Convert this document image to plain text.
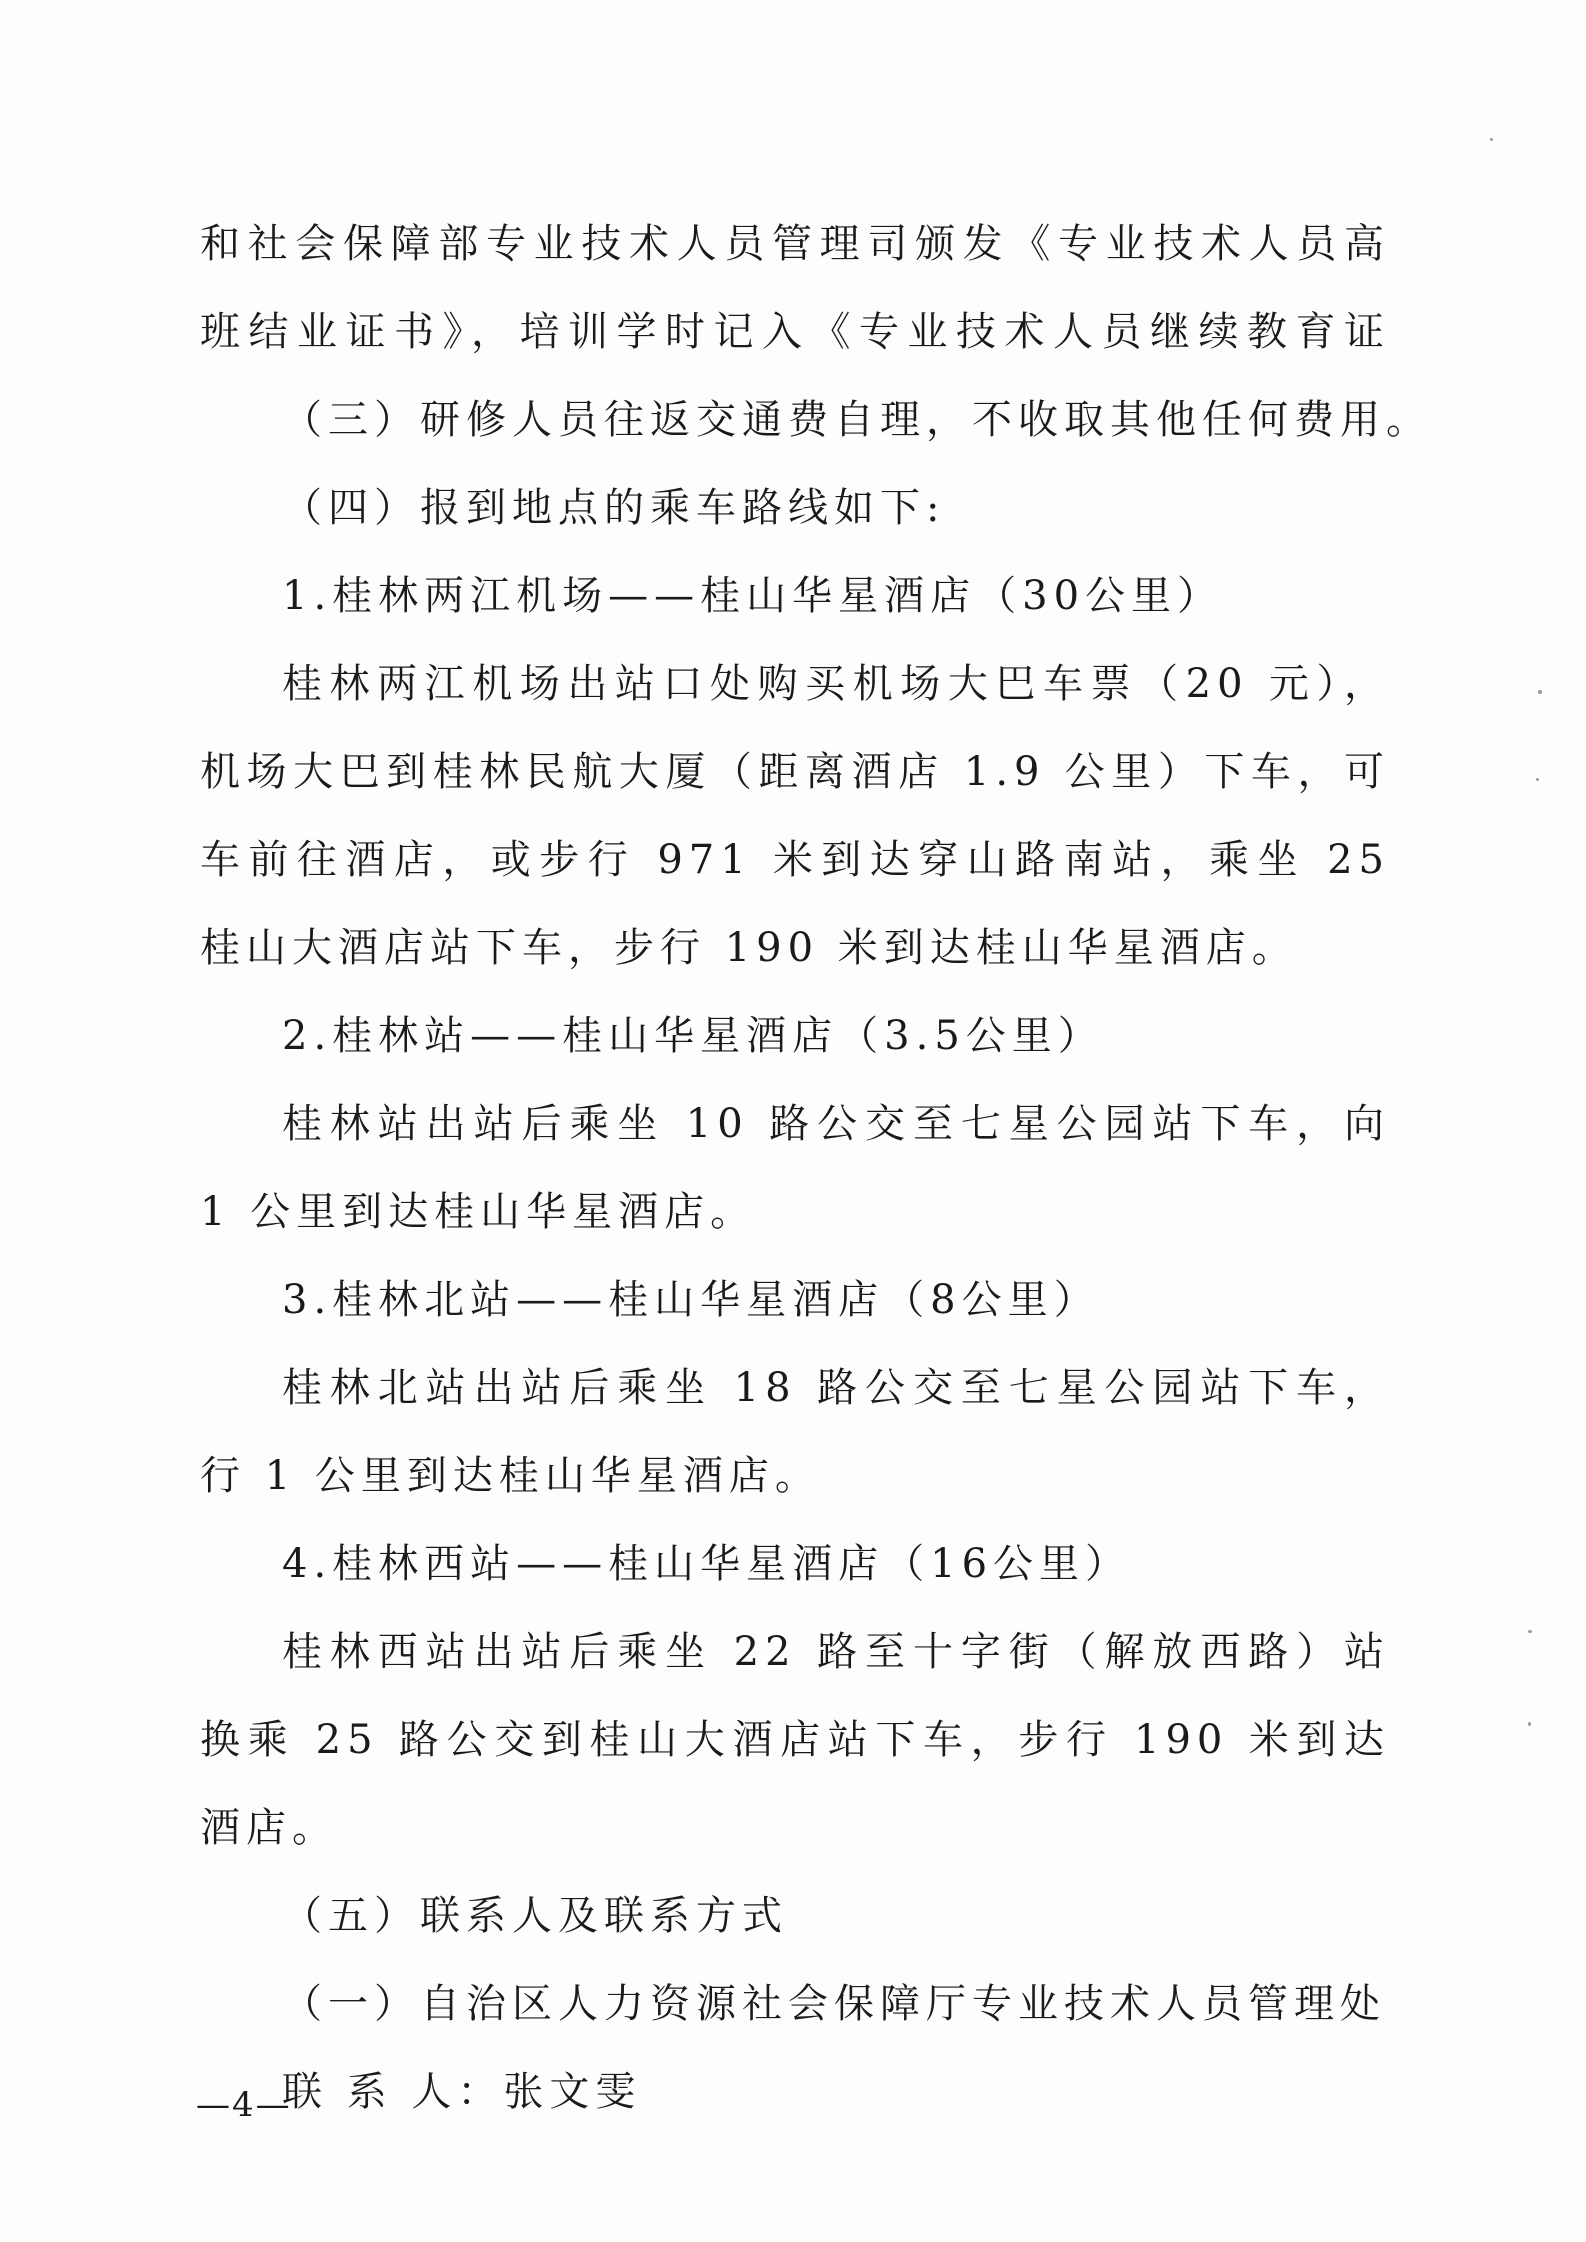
和社会保障部专业技术人员管理司颁发《专业技术人员高
班结业证书》，培训学时记入《专业技术人员继续教育证
（三）研修人员往返交通费自理，不收取其他任何费用。
（四）报到地点的乘车路线如下:
1.桂林两江机场——桂山华星酒店（30公里）
桂林两江机场出站口处购买机场大巴车票（20 元），
机场大巴到桂林民航大厦（距离酒店 1.9 公里）下车，可
车前往酒店，或步行 971 米到达穿山路南站，乘坐 25
桂山大酒店站下车，步行 190 米到达桂山华星酒店。
2.桂林站——桂山华星酒店（3.5公里）
桂林站出站后乘坐 10 路公交至七星公园站下车，向
1 公里到达桂山华星酒店。
3.桂林北站——桂山华星酒店（8公里）
桂林北站出站后乘坐 18 路公交至七星公园站下车，
行 1 公里到达桂山华星酒店。
4.桂林西站——桂山华星酒店（16公里）
桂林西站出站后乘坐 22 路至十字街（解放西路）站
换乘 25 路公交到桂山大酒店站下车，步行 190 米到达
酒店。
（五）联系人及联系方式
（一）自治区人力资源社会保障厅专业技术人员管理处
联 系 人：张文雯
—4—
